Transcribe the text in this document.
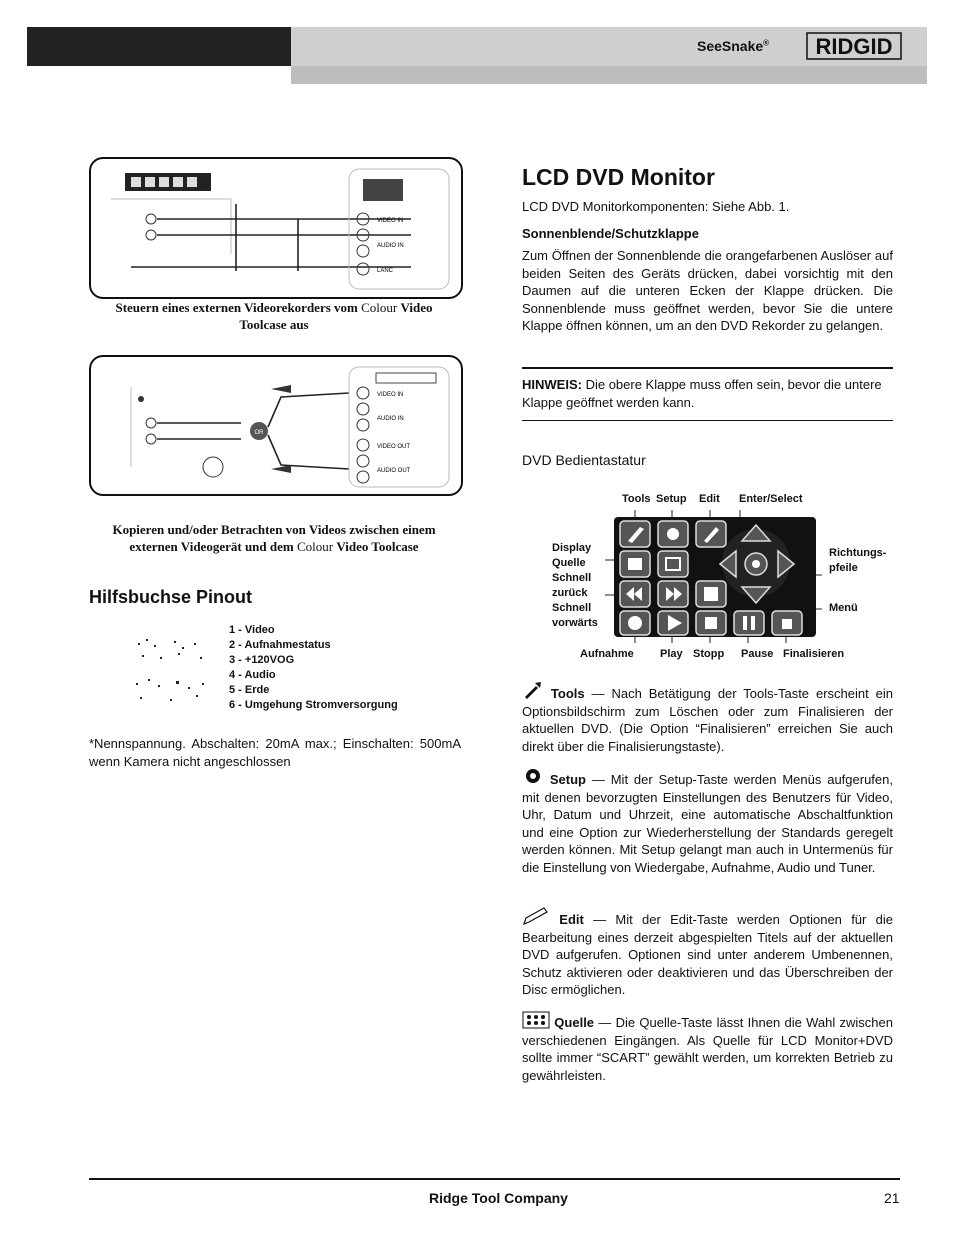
SeeSnake® RIDGID
VIDEO IN
AUDIO IN
LANC
Steuern eines externen Videorekorders vom Colour Video
Toolcase aus
OR
VIDEO IN
AUDIO IN
VIDEO OUT
AUDIO OUT
Kopieren und/oder Betrachten von Videos zwischen einem
externen Videogerät und dem Colour Video Toolcase
Hilfsbuchse Pinout
1 - Video
2 - Aufnahmestatus
3 - +120VOG
4 - Audio
5 - Erde
6 - Umgehung Stromversorgung
*Nennspannung. Abschalten: 20mA max.; Einschalten: 500mA wenn Kamera nicht angeschlossen
LCD DVD Monitor
LCD DVD Monitorkomponenten: Siehe Abb. 1.
Sonnenblende/Schutzklappe
Zum Öffnen der Sonnenblende die orangefarbenen Auslöser auf beiden Seiten des Geräts drücken, dabei vorsichtig mit den Daumen auf die unteren Ecken der Klappe drücken. Die Sonnenblende muss geöffnet werden, bevor Sie die untere Klappe öffnen können, um an den DVD Rekorder zu gelangen.
HINWEIS: Die obere Klappe muss offen sein, bevor die untere Klappe geöffnet werden kann.
DVD Bedientastatur
Tools Setup Edit Enter/Select
Display
Quelle
Schnell
zurück
Schnell
vorwärts
Richtungs-
pfeile
Menü
Aufnahme Play Stopp Pause Finalisieren
Tools — Nach Betätigung der Tools-Taste erscheint ein Optionsbildschirm zum Löschen oder zum Finalisieren der aktuellen DVD. (Die Option “Finalisieren” erreichen Sie auch direkt über die Finalisierungstaste).
Setup — Mit der Setup-Taste werden Menüs aufgerufen, mit denen bevorzugten Einstellungen des Benutzers für Video, Uhr, Datum und Uhrzeit, eine automatische Abschaltfunktion und eine Option zur Wiederherstellung der Standards geregelt werden können. Mit Setup gelangt man auch in Untermenüs für die Einstellung von Wiedergabe, Aufnahme, Audio und Tuner.
Edit — Mit der Edit-Taste werden Optionen für die Bearbeitung eines derzeit abgespielten Titels auf der aktuellen DVD aufgerufen. Optionen sind unter anderem Umbenennen, Schutz aktivieren oder deaktivieren und das Überschreiben der Disc ermöglichen.
Quelle — Die Quelle-Taste lässt Ihnen die Wahl zwischen verschiedenen Eingängen. Als Quelle für LCD Monitor+DVD sollte immer “SCART” gewählt werden, um korrekten Betrieb zu gewährleisten.
Ridge Tool Company	21
